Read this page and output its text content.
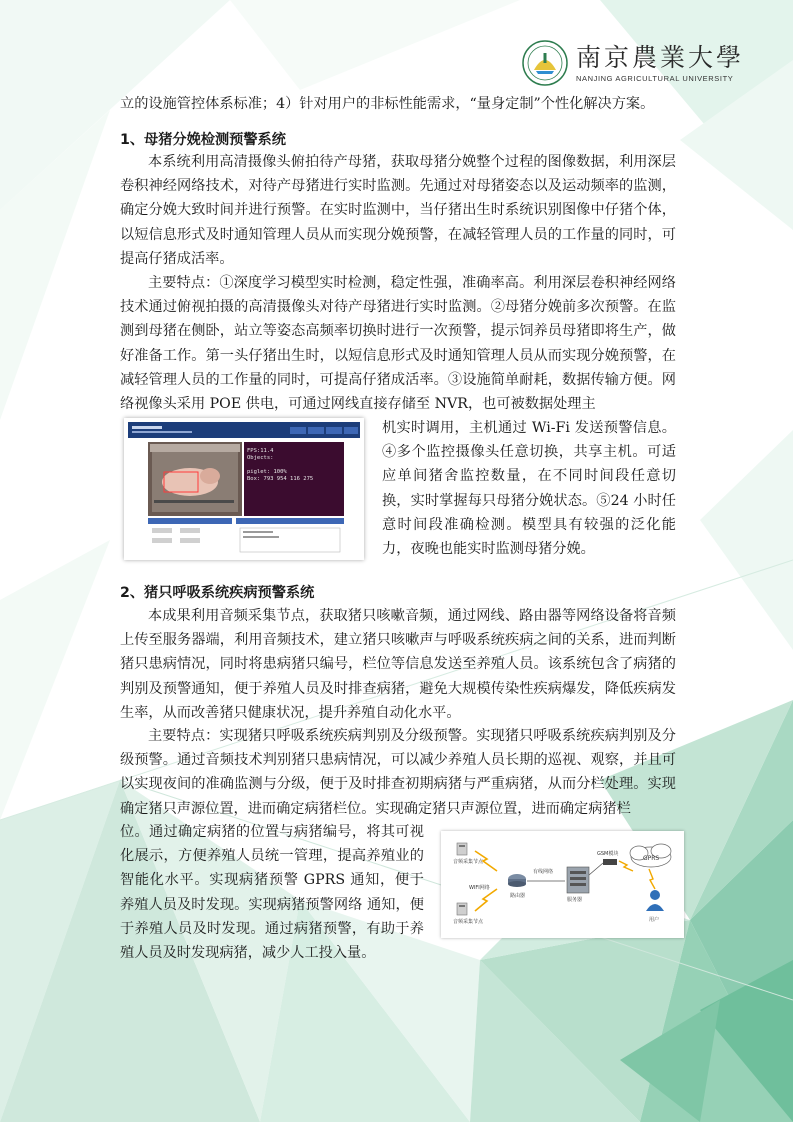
南京農業大學
NANJING AGRICULTURAL UNIVERSITY
立的设施管控体系标准；4）针对用户的非标性能需求，“量身定制”个性化解决方案。
1、母猪分娩检测预警系统
本系统利用高清摄像头俯拍待产母猪，获取母猪分娩整个过程的图像数据，利用深层卷积神经网络技术，对待产母猪进行实时监测。先通过对母猪姿态以及运动频率的监测，确定分娩大致时间并进行预警。在实时监测中，当仔猪出生时系统识别图像中仔猪个体，以短信息形式及时通知管理人员从而实现分娩预警，在减轻管理人员的工作量的同时，可提高仔猪成活率。
主要特点：①深度学习模型实时检测，稳定性强，准确率高。利用深层卷积神经网络技术通过俯视拍摄的高清摄像头对待产母猪进行实时监测。②母猪分娩前多次预警。在监测到母猪在侧卧，站立等姿态高频率切换时进行一次预警，提示饲养员母猪即将生产，做好准备工作。第一头仔猪出生时，以短信息形式及时通知管理人员从而实现分娩预警，在减轻管理人员的工作量的同时，可提高仔猪成活率。③设施简单耐耗，数据传输方便。网络视像头采用 POE 供电，可通过网线直接存储至 NVR，也可被数据处理主
机实时调用，主机通过 Wi-Fi 发送预警信息。④多个监控摄像头任意切换，共享主机。可适应单间猪舍监控数量，在不同时间段任意切换，实时掌握每只母猪分娩状态。⑤24 小时任意时间段准确检测。模型具有较强的泛化能力，夜晚也能实时监测母猪分娩。
2、猪只呼吸系统疾病预警系统
本成果利用音频采集节点，获取猪只咳嗽音频，通过网线、路由器等网络设备将音频上传至服务器端，利用音频技术，建立猪只咳嗽声与呼吸系统疾病之间的关系，进而判断猪只患病情况，同时将患病猪只编号，栏位等信息发送至养殖人员。该系统包含了病猪的判别及预警通知，便于养殖人员及时排查病猪，避免大规模传染性疾病爆发，降低疾病发生率，从而改善猪只健康状况，提升养殖自动化水平。
主要特点：实现猪只呼吸系统疾病判别及分级预警。实现猪只呼吸系统疾病判别及分级预警。通过音频技术判别猪只患病情况，可以减少养殖人员长期的巡视、观察，并且可以实现夜间的准确监测与分级，便于及时排查初期病猪与严重病猪，从而分栏处理。实现确定猪只声源位置，进而确定病猪栏位。实现确定猪只声源位置，进而确定病猪栏
位。通过确定病猪的位置与病猪编号，将其可视化展示，方便养殖人员统一管理，提高养殖业的智能化水平。实现病猪预警 GPRS 通知，便于养殖人员及时发现。实现病猪预警网络 通知，便于养殖人员及时发现。通过病猪预警，有助于养殖人员及时发现病猪，减少人工投入量。
FPS:11.4
Objects:
piglet: 100%
Box: 793 954 116 275
音频采集节点
音频采集节点
WIFI网络
路由器
有线网络
服务器
GSM模块
GPRS
用户
